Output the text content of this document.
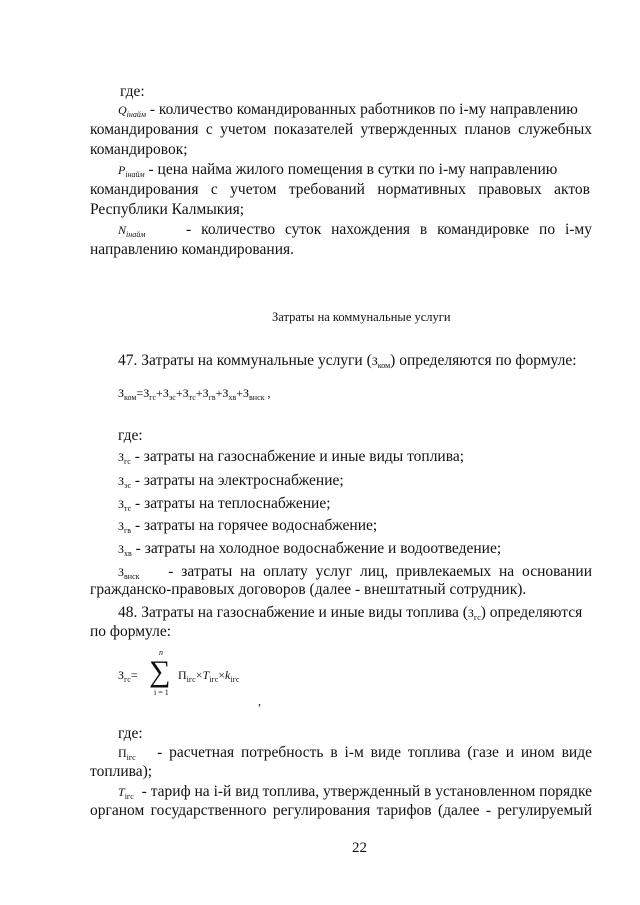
где:
$Q_{iнайм}$ - количество командированных работников по i-му направлению
командирования с учетом показателей утвержденных планов служебных
командировок;
$P_{iнайм}$ - цена найма жилого помещения в сутки по i-му направлению
командирования с учетом требований нормативных правовых актов
Республики Калмыкия;
$N_{iнайм}$	- количество суток нахождения в командировке по i-му
направлению командирования.
Затраты на коммунальные услуги
47. Затраты на коммунальные услуги $(З_{ком})$ определяются по формуле:
$З_{ком}=З_{гс}+З_{эс}+З_{тс}+З_{гв}+З_{хв}+З_{внск}$ ,
где:
$З_{гс}$ - затраты на газоснабжение и иные виды топлива;
$З_{эс}$ - затраты на электроснабжение;
$З_{тс}$ - затраты на теплоснабжение;
$З_{гв}$ - затраты на горячее водоснабжение;
$З_{хв}$ - затраты на холодное водоснабжение и водоотведение;
$З_{внск}$ - затраты на оплату услуг лиц, привлекаемых на основании
гражданско-правовых договоров (далее - внештатный сотрудник).
48. Затраты на газоснабжение и иные виды топлива $(З_{гс})$ определяются
по формуле:
$З_{гс}=$
n
∑
i = 1
$П_{iгс}\times T_{iгс}\times k_{iгс}$
,
где:
$П_{iгс}$ - расчетная потребность в i-м виде топлива (газе и ином виде
топлива);
$T_{iгс}$ - тариф на i-й вид топлива, утвержденный в установленном порядке
органом государственного регулирования тарифов (далее - регулируемый
22
